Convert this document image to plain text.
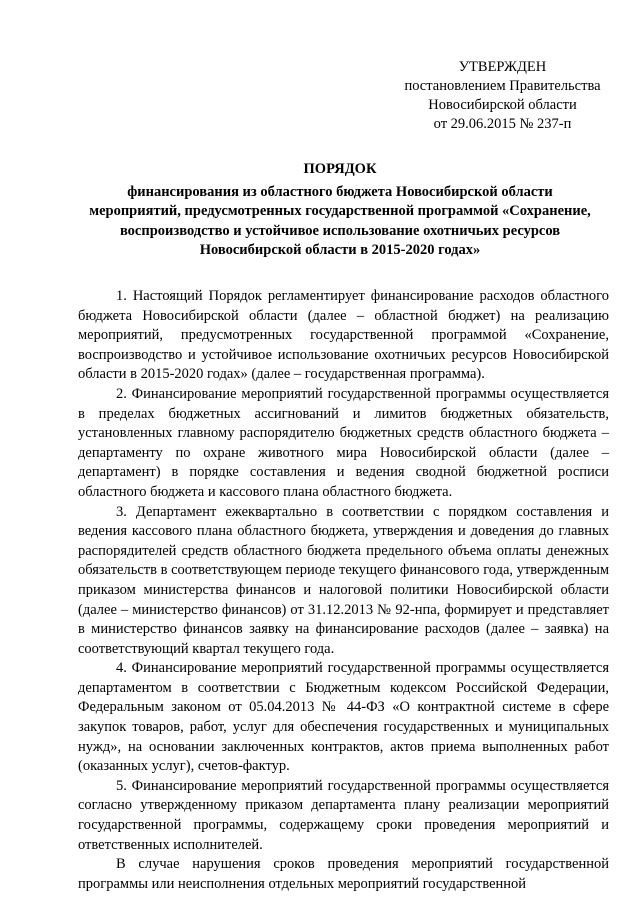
УТВЕРЖДЕН
постановлением Правительства
Новосибирской области
от 29.06.2015 № 237-п
ПОРЯДОК
финансирования из областного бюджета Новосибирской области
мероприятий, предусмотренных государственной программой «Сохранение,
воспроизводство и устойчивое использование охотничьих ресурсов
Новосибирской области в 2015-2020 годах»

1. Настоящий Порядок регламентирует финансирование расходов областного бюджета Новосибирской области (далее – областной бюджет) на реализацию мероприятий, предусмотренных государственной программой «Сохранение, воспроизводство и устойчивое использование охотничьих ресурсов Новосибирской области в 2015-2020 годах» (далее – государственная программа).

2. Финансирование мероприятий государственной программы осуществляется в пределах бюджетных ассигнований и лимитов бюджетных обязательств, установленных главному распорядителю бюджетных средств областного бюджета – департаменту по охране животного мира Новосибирской области (далее – департамент) в порядке составления и ведения сводной бюджетной росписи областного бюджета и кассового плана областного бюджета.

3. Департамент ежеквартально в соответствии с порядком составления и ведения кассового плана областного бюджета, утверждения и доведения до главных распорядителей средств областного бюджета предельного объема оплаты денежных обязательств в соответствующем периоде текущего финансового года, утвержденным приказом министерства финансов и налоговой политики Новосибирской области (далее – министерство финансов) от 31.12.2013 № 92-нпа, формирует и представляет в министерство финансов заявку на финансирование расходов (далее – заявка) на соответствующий квартал текущего года.

4. Финансирование мероприятий государственной программы осуществляется департаментом в соответствии с Бюджетным кодексом Российской Федерации, Федеральным законом от 05.04.2013 № 44-ФЗ «О контрактной системе в сфере закупок товаров, работ, услуг для обеспечения государственных и муниципальных нужд», на основании заключенных контрактов, актов приема выполненных работ (оказанных услуг), счетов-фактур.

5. Финансирование мероприятий государственной программы осуществляется согласно утвержденному приказом департамента плану реализации мероприятий государственной программы, содержащему сроки проведения мероприятий и ответственных исполнителей.

В случае нарушения сроков проведения мероприятий государственной программы или неисполнения отдельных мероприятий государственной
